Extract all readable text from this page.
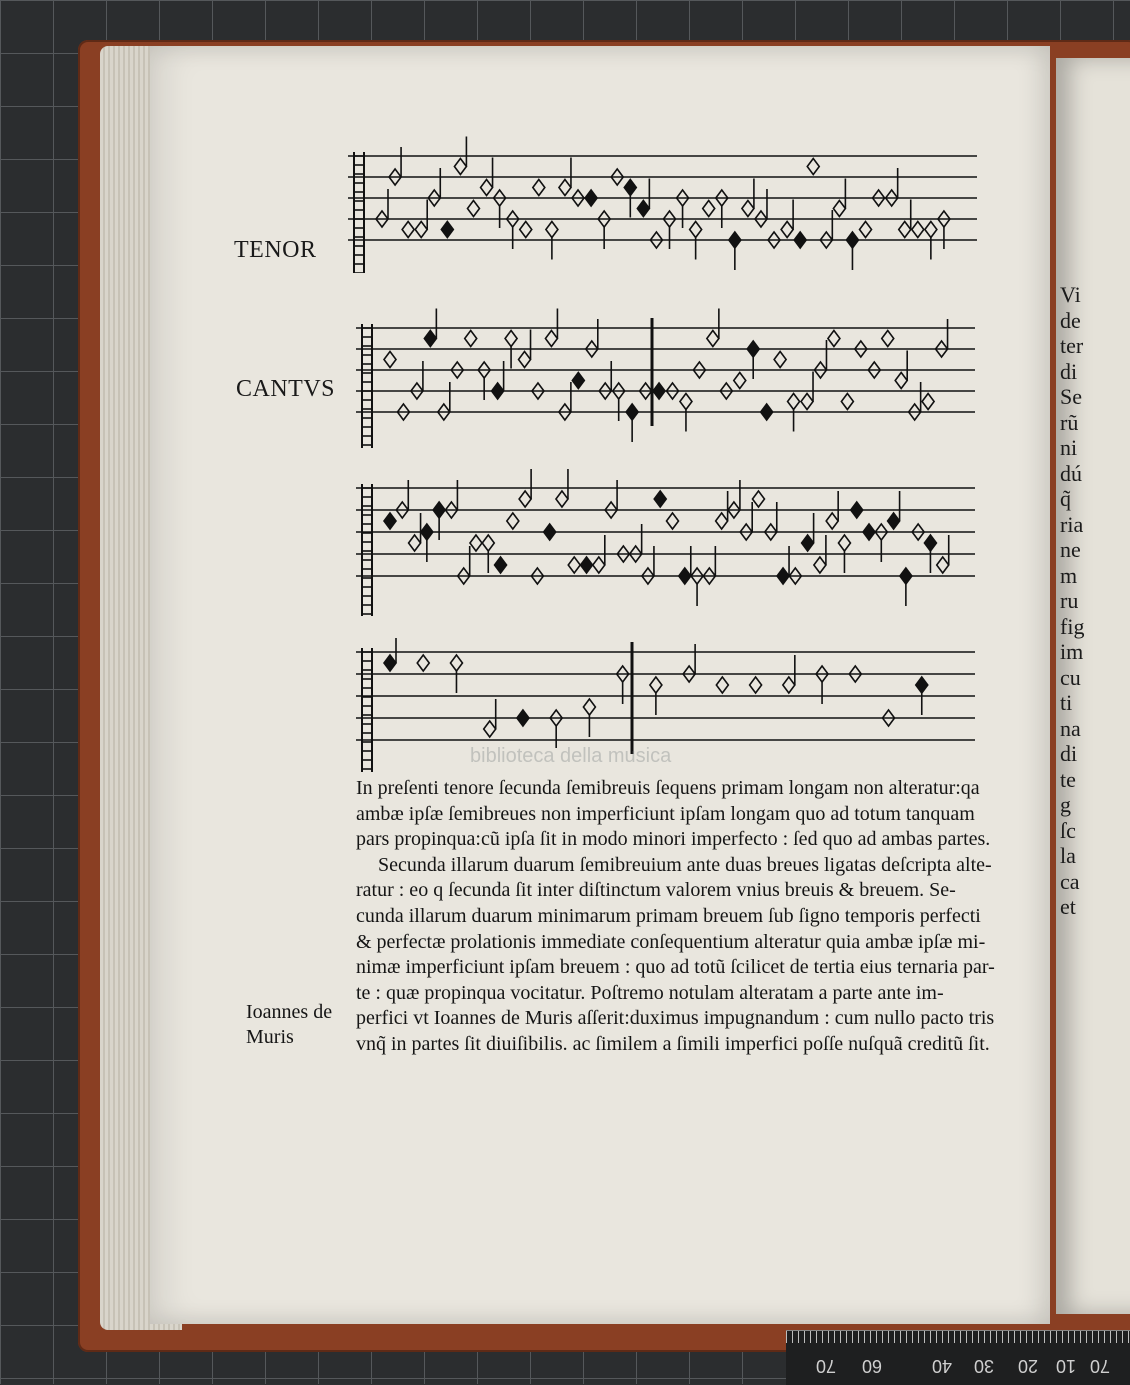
Vi
de
ter
di
Se
rũ
ni
dú
q̃
ria
ne
m
ru
fig
im
cu
ti
na
di
te
g
ſc
la
ca
et
TENOR
CANTVS
biblioteca della musica

In preſenti tenore ſecunda ſemibreuis ſequens primam longam non alteratur:qa

ambæ ipſæ ſemibreues non imperficiunt ipſam longam quo ad totum tanquam

pars propinqua:cũ ipſa ſit in modo minori imperfecto : ſed quo ad ambas partes.

Secunda illarum duarum ſemibreuium ante duas breues ligatas deſcripta alte-

ratur : eo q ſecunda ſit inter diſtinctum valorem vnius breuis & breuem. Se-

cunda illarum duarum minimarum primam breuem ſub ſigno temporis perfecti

& perfectæ prolationis immediate conſequentium alteratur quia ambæ ipſæ mi-

nimæ imperficiunt ipſam breuem : quo ad totũ ſcilicet de tertia eius ternaria par-

te : quæ propinqua vocitatur. Poſtremo notulam alteratam a parte ante im-

perfici vt Ioannes de Muris aſſerit:duximus impugnandum : cum nullo pacto tris

vnq̃ in partes ſit diuiſibilis. ac ſimilem a ſimili imperfici poſſe nuſquã creditũ ſit.

Ioannes de
Muris
70 60	40 30 20 10 70
